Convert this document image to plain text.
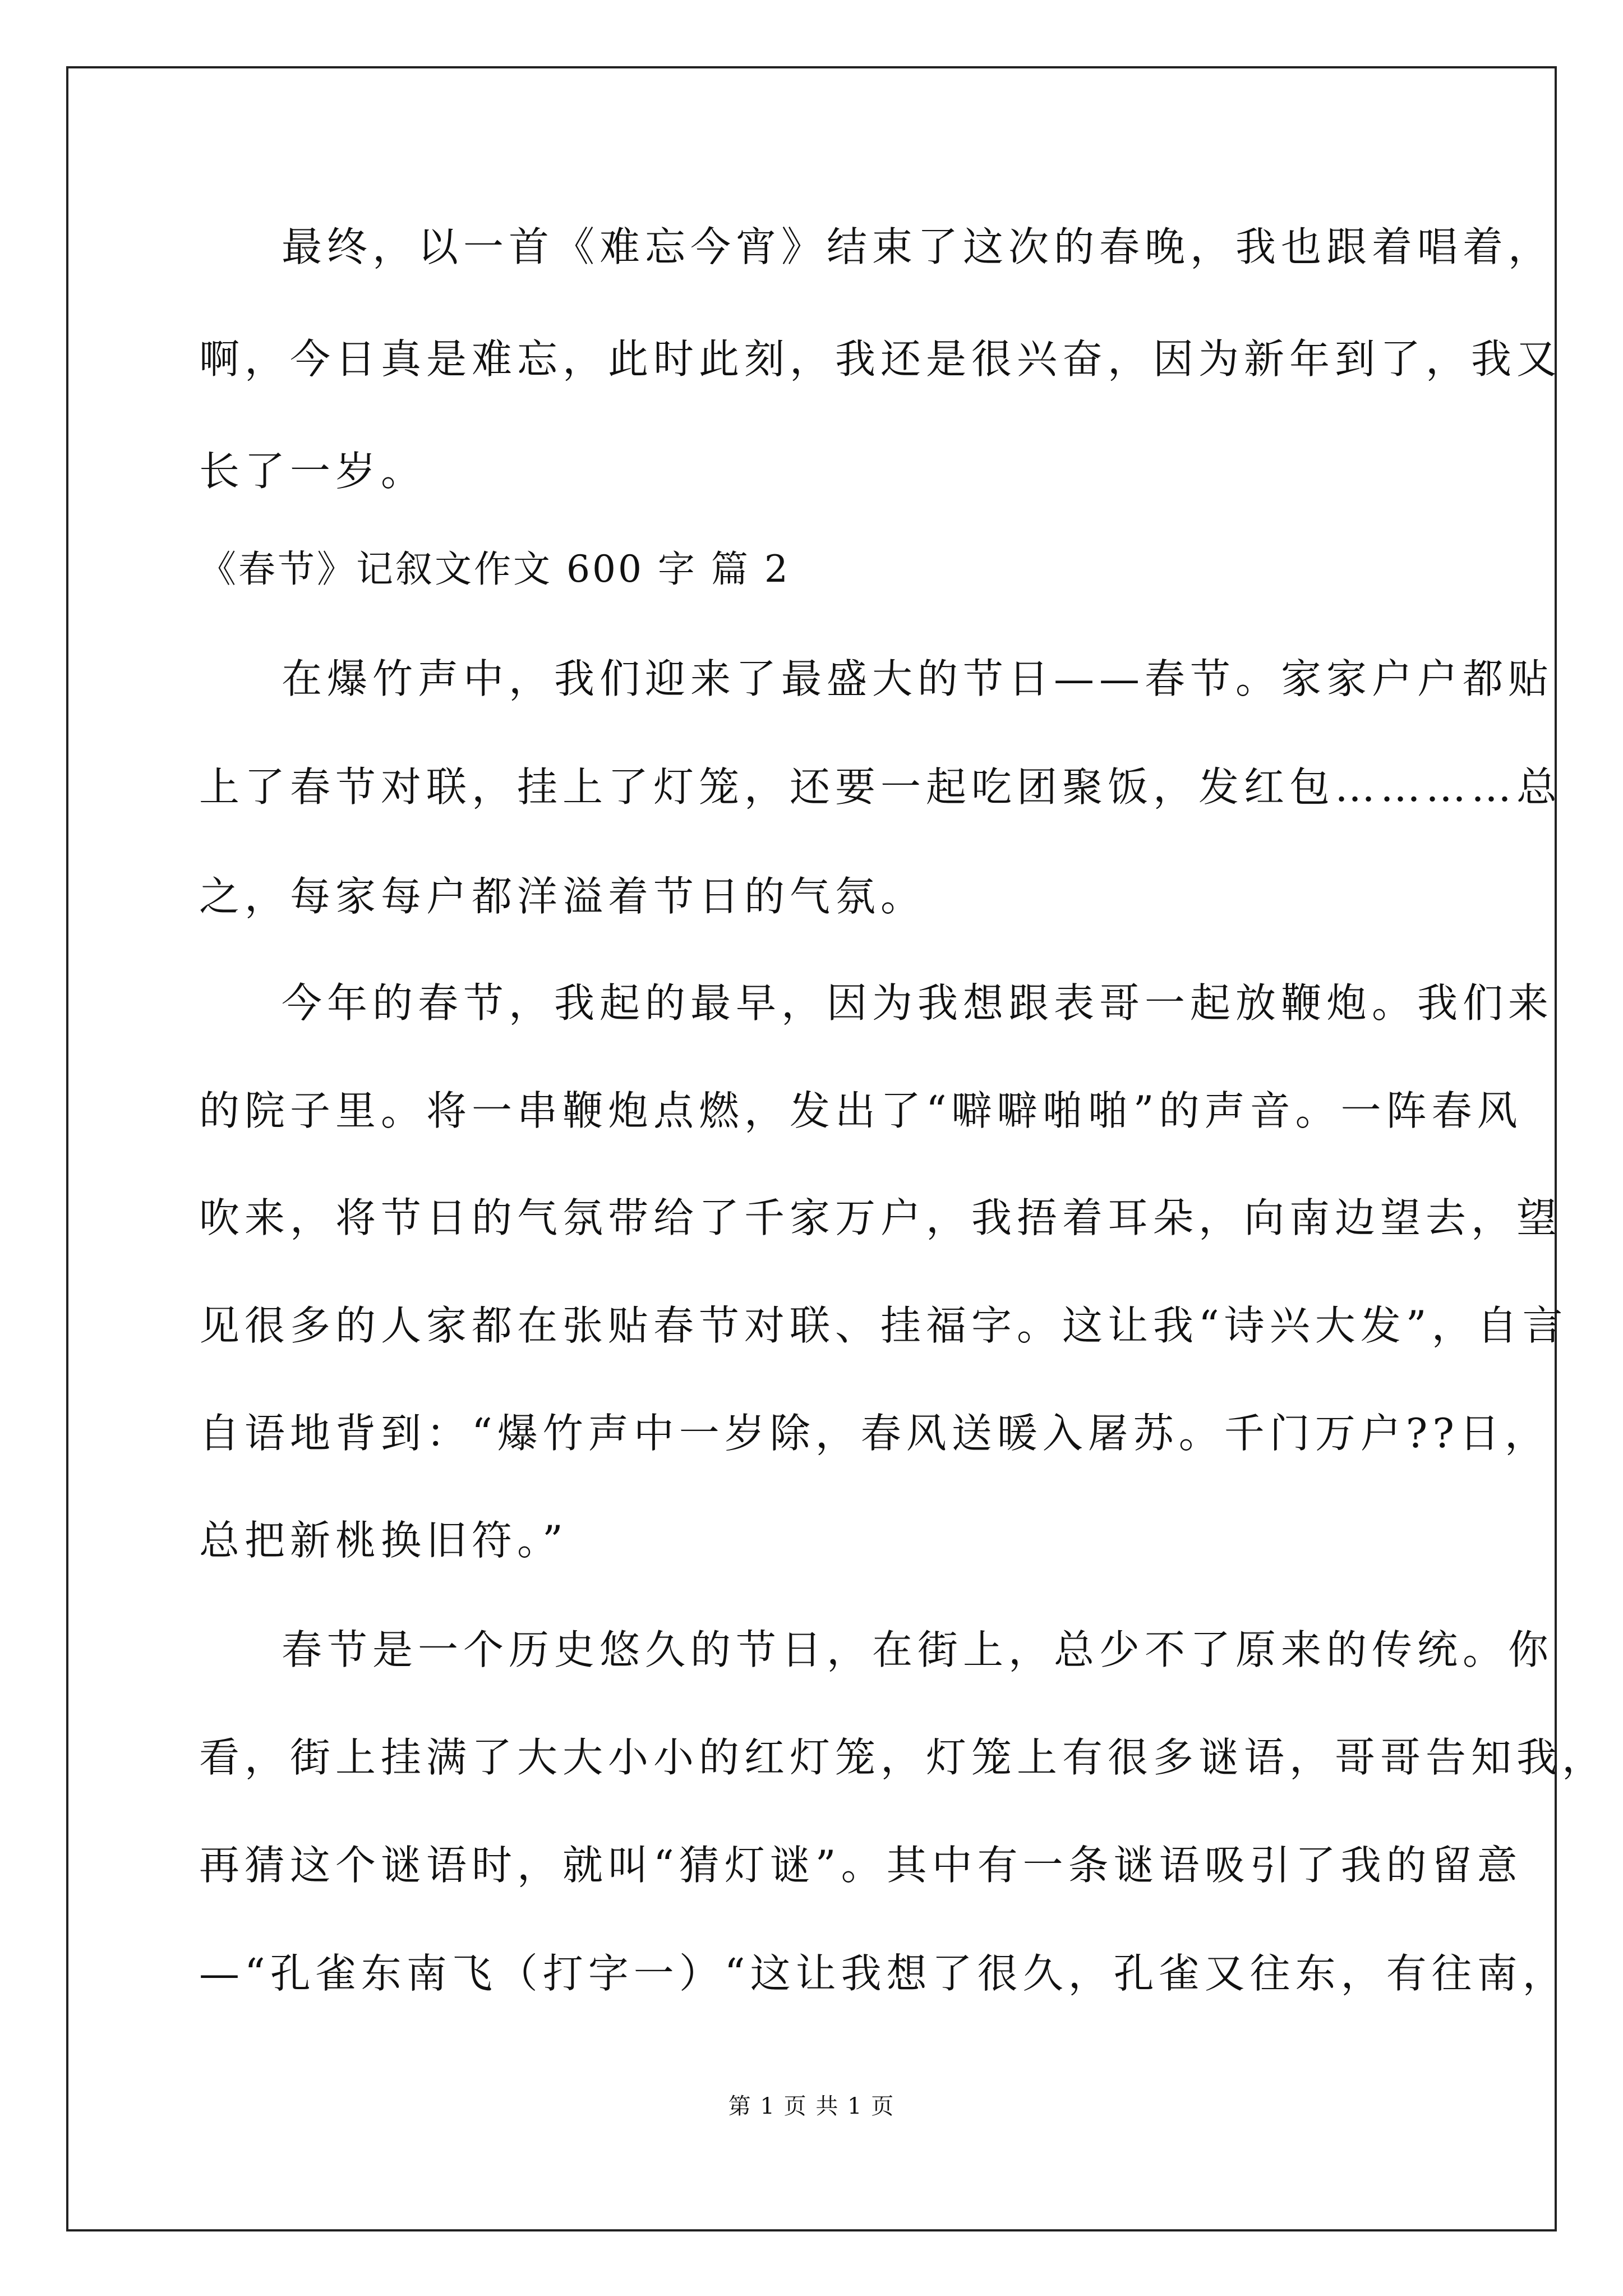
最终，以一首《难忘今宵》结束了这次的春晚，我也跟着唱着，
啊，今日真是难忘，此时此刻，我还是很兴奋，因为新年到了，我又
长了一岁。
《春节》记叙文作文 600 字 篇 2
在爆竹声中，我们迎来了最盛大的节日——春节。家家户户都贴
上了春节对联，挂上了灯笼，还要一起吃团聚饭，发红包…………总
之，每家每户都洋溢着节日的气氛。
今年的春节，我起的最早，因为我想跟表哥一起放鞭炮。我们来
的院子里。将一串鞭炮点燃，发出了“噼噼啪啪”的声音。一阵春风
吹来，将节日的气氛带给了千家万户，我捂着耳朵，向南边望去，望
见很多的人家都在张贴春节对联、挂福字。这让我“诗兴大发”，自言
自语地背到：“爆竹声中一岁除，春风送暖入屠苏。千门万户??日，
总把新桃换旧符。”
春节是一个历史悠久的节日，在街上，总少不了原来的传统。你
看，街上挂满了大大小小的红灯笼，灯笼上有很多谜语，哥哥告知我，
再猜这个谜语时，就叫“猜灯谜”。其中有一条谜语吸引了我的留意
—“孔雀东南飞（打字一）“这让我想了很久，孔雀又往东，有往南，
第 1 页 共 1 页
